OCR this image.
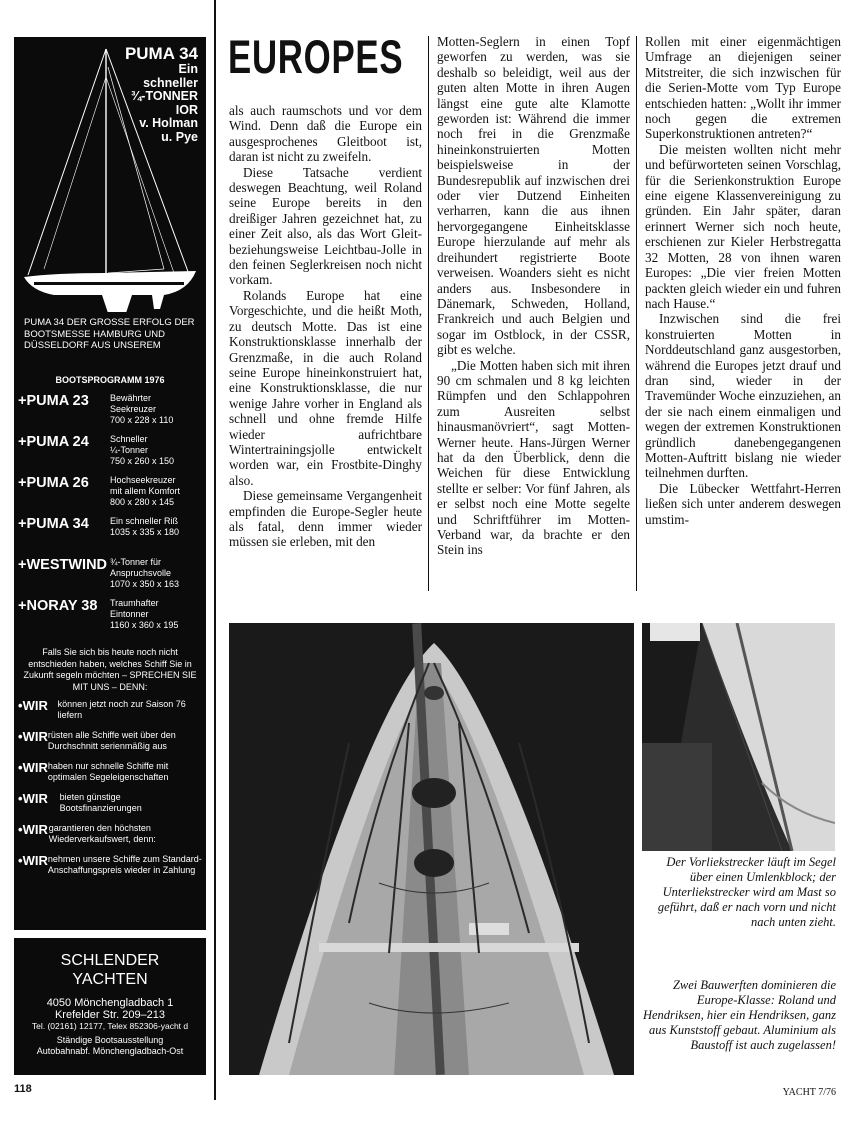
PUMA 34
Ein
schneller
¾-TONNER
IOR
v. Holman
u. Pye
PUMA 34 DER GROSSE ERFOLG DER BOOTSMESSE HAMBURG UND DÜSSELDORF AUS UNSEREM
BOOTSPROGRAMM 1976
+PUMA 23	Bewährter
Seekreuzer
700 x 228 x 110
+PUMA 24	Schneller
¼-Tonner
750 x 260 x 150
+PUMA 26	Hochseekreuzer
mit allem Komfort
800 x 280 x 145
+PUMA 34	Ein schneller Riß
1035 x 335 x 180
+WESTWIND ¾-Tonner für
Anspruchsvolle
1070 x 350 x 163
+NORAY 38	Traumhafter
Eintonner
1160 x 360 x 195
Falls Sie sich bis heute noch nicht entschieden haben, welches Schiff Sie in Zukunft segeln möchten – SPRECHEN SIE MIT UNS – DENN:
•WIR	können jetzt noch zur Saison 76 liefern
•WIR rüsten alle Schiffe weit über den Durchschnitt serienmäßig aus
•WIR haben nur schnelle Schiffe mit optimalen Segeleigenschaften
•WIR	bieten günstige Bootsfinanzierungen
•WIR garantieren den höchsten Wiederverkaufswert, denn:
•WIR nehmen unsere Schiffe zum Standard-Anschaffungspreis wieder in Zahlung
SCHLENDER
YACHTEN
4050 Mönchengladbach 1
Krefelder Str. 209–213
Tel. (02161) 12177, Telex 852306-yacht d
Ständige Bootsausstellung
Autobahnabf. Mönchengladbach-Ost
EUROPES

als auch raumschots und vor dem Wind. Denn daß die Europe ein ausgesprochenes Gleitboot ist, daran ist nicht zu zweifeln.

Diese Tatsache verdient deswegen Beachtung, weil Roland seine Europe bereits in den dreißiger Jahren gezeichnet hat, zu einer Zeit also, als das Wort Gleit- beziehungsweise Leichtbau-Jolle in den feinen Seglerkreisen noch nicht vorkam.

Rolands Europe hat eine Vorgeschichte, und die heißt Moth, zu deutsch Motte. Das ist eine Konstruktionsklasse innerhalb der Grenzmaße, in die auch Roland seine Europe hineinkonstruiert hat, eine Konstruktionsklasse, die nur wenige Jahre vorher in England als schnell und ohne fremde Hilfe wieder aufrichtbare Wintertrainingsjolle entwickelt worden war, ein Frostbite-Dinghy also.

Diese gemeinsame Vergangenheit empfinden die Europe-Segler heute als fatal, denn immer wieder müssen sie erleben, mit den

Motten-Seglern in einen Topf geworfen zu werden, was sie deshalb so beleidigt, weil aus der guten alten Motte in ihren Augen längst eine gute alte Klamotte geworden ist: Während die immer noch frei in die Grenzmaße hineinkonstruierten Motten beispielsweise in der Bundesrepublik auf inzwischen drei oder vier Dutzend Einheiten verharren, kann die aus ihnen hervorgegangene Einheitsklasse Europe hierzulande auf mehr als dreihundert registrierte Boote verweisen. Woanders sieht es nicht anders aus. Insbesondere in Dänemark, Schweden, Holland, Frankreich und auch Belgien und sogar im Ostblock, in der CSSR, gibt es welche.

„Die Motten haben sich mit ihren 90 cm schmalen und 8 kg leichten Rümpfen und den Schlappohren zum Ausreiten selbst hinausmanövriert“, sagt Motten-Werner heute. Hans-Jürgen Werner hat da den Überblick, denn die Weichen für diese Entwicklung stellte er selber: Vor fünf Jahren, als er selbst noch eine Motte segelte und Schriftführer im Motten-Verband war, da brachte er den Stein ins

Rollen mit einer eigenmächtigen Umfrage an diejenigen seiner Mitstreiter, die sich inzwischen für die Serien-Motte vom Typ Europe entschieden hatten: „Wollt ihr immer noch gegen die extremen Superkonstruktionen antreten?“

Die meisten wollten nicht mehr und befürworteten seinen Vorschlag, für die Serienkonstruktion Europe eine eigene Klassenvereinigung zu gründen. Ein Jahr später, daran erinnert Werner sich noch heute, erschienen zur Kieler Herbstregatta 32 Motten, 28 von ihnen waren Europes: „Die vier freien Motten packten gleich wieder ein und fuhren nach Hause.“

Inzwischen sind die frei konstruierten Motten in Norddeutschland ganz ausgestorben, während die Europes jetzt drauf und dran sind, wieder in der Travemünder Woche einzuziehen, an der sie nach einem einmaligen und wegen der extremen Konstruktionen gründlich danebengegangenen Motten-Auftritt bislang nie wieder teilnehmen durften.

Die Lübecker Wettfahrt-Herren ließen sich unter anderem deswegen umstim-

Der Vorliekstrecker läuft im Segel über einen Umlenkblock; der Unterliekstrecker wird am Mast so geführt, daß er nach vorn und nicht nach unten zieht.
Zwei Bauwerften dominieren die Europe-Klasse: Roland und Hendriksen, hier ein Hendriksen, ganz aus Kunststoff gebaut. Aluminium als Baustoff ist auch zugelassen!
118	YACHT 7/76
